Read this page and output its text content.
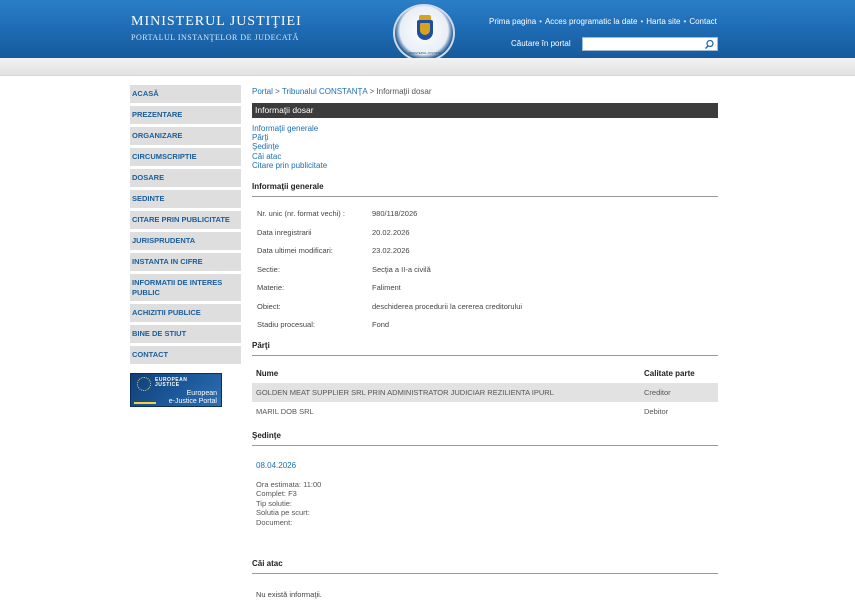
MINISTERUL JUSTIŢIEI
PORTALUL INSTANŢELOR DE JUDECATĂ
MINISTERUL JUSTIŢIEI
Prima pagina • Acces programatic la date • Harta site • Contact
Căutare în portal
ACASĂ
PREZENTARE
ORGANIZARE
CIRCUMSCRIPTIE
DOSARE
SEDINTE
CITARE PRIN PUBLICITATE
JURISPRUDENTA
INSTANTA IN CIFRE
INFORMATII DE INTERES PUBLIC
ACHIZITII PUBLICE
BINE DE STIUT
CONTACT
EUROPEAN
JUSTICE
European
e-Justice Portal
Portal > Tribunalul CONSTANŢA > Informaţii dosar
Informaţii dosar
Informaţii generale
Părţi
Şedinţe
Căi atac
Citare prin publicitate
Informaţii generale
Nr. unic (nr. format vechi) :	980/118/2026
Data inregistrarii	20.02.2026
Data ultimei modificari:	23.02.2026
Sectie:	Secţia a II-a civilă
Materie:	Faliment
Obiect:	deschiderea procedurii la cererea creditorului
Stadiu procesual:	Fond
Părţi
Nume	Calitate parte
GOLDEN MEAT SUPPLIER SRL PRIN ADMINISTRATOR JUDICIAR REZILIENTA IPURL	Creditor
MARIL DOB SRL	Debitor
Şedinţe
08.04.2026
Ora estimata: 11:00
Complet: F3
Tip solutie:
Solutia pe scurt:
Document:
Căi atac
Nu există informaţii.
